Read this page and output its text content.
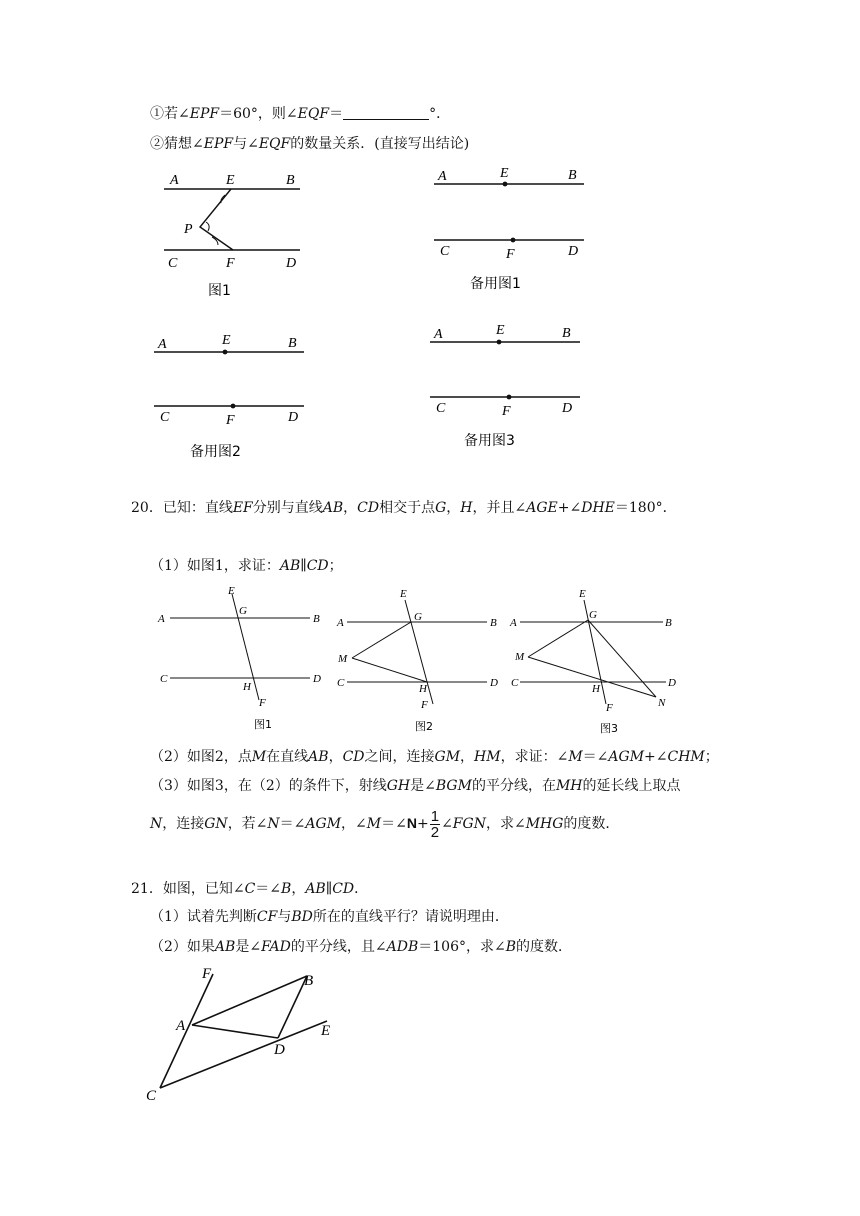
①若∠EPF＝60°，则∠EQF＝	°．
②猜想∠EPF与∠EQF的数量关系．(直接写出结论)
A	E	B
P
C	F	D
图1
A	E	B
C	F	D
备用图1
A	E	B
C	F	D
备用图2
A	E	B
C	F	D
备用图3
20．已知：直线EF分别与直线AB，CD相交于点G，H，并且∠AGE+∠DHE＝180°．
（1）如图1，求证：AB∥CD；
E
A
G
B
C
H
D
F
图1
E
A	G	B
M
C	H	D
F
图2
E
A
G
B
M
C	H	D
F	N
图3
（2）如图2，点M在直线AB，CD之间，连接GM，HM，求证：∠M＝∠AGM+∠CHM；
（3）如图3，在（2）的条件下，射线GH是∠BGM的平分线，在MH的延长线上取点
N，连接GN，若∠N＝∠AGM，∠M＝∠N+ $\frac{1}{2}$ ∠FGN，求∠MHG的度数．
21．如图，已知∠C＝∠B，AB∥CD．
（1）试着先判断CF与BD所在的直线平行？请说明理由．
（2）如果AB是∠FAD的平分线，且∠ADB＝106°，求∠B的度数．
F	B
A	E
D
C
